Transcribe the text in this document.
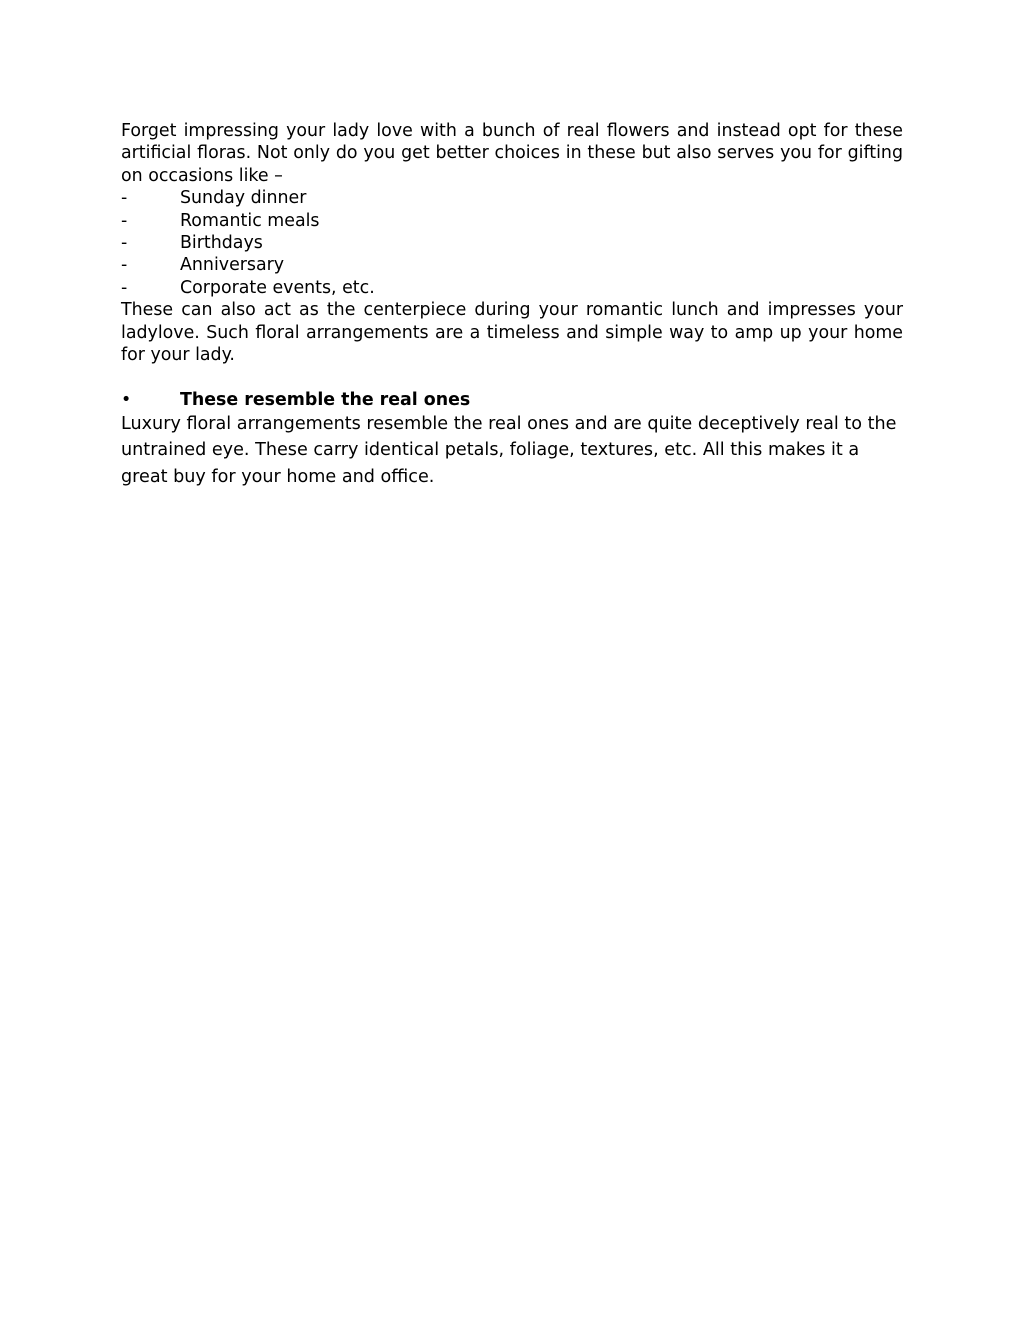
Forget impressing your lady love with a bunch of real flowers and instead opt for these artificial floras. Not only do you get better choices in these but also serves you for gifting on occasions like –

-	Sunday dinner
-	Romantic meals
-	Birthdays
-	Anniversary
-	Corporate events, etc.

These can also act as the centerpiece during your romantic lunch and impresses your ladylove. Such floral arrangements are a timeless and simple way to amp up your home for your lady.

•	These resemble the real ones

Luxury floral arrangements resemble the real ones and are quite deceptively real to the untrained eye. These carry identical petals, foliage, textures, etc. All this makes it a great buy for your home and office.
